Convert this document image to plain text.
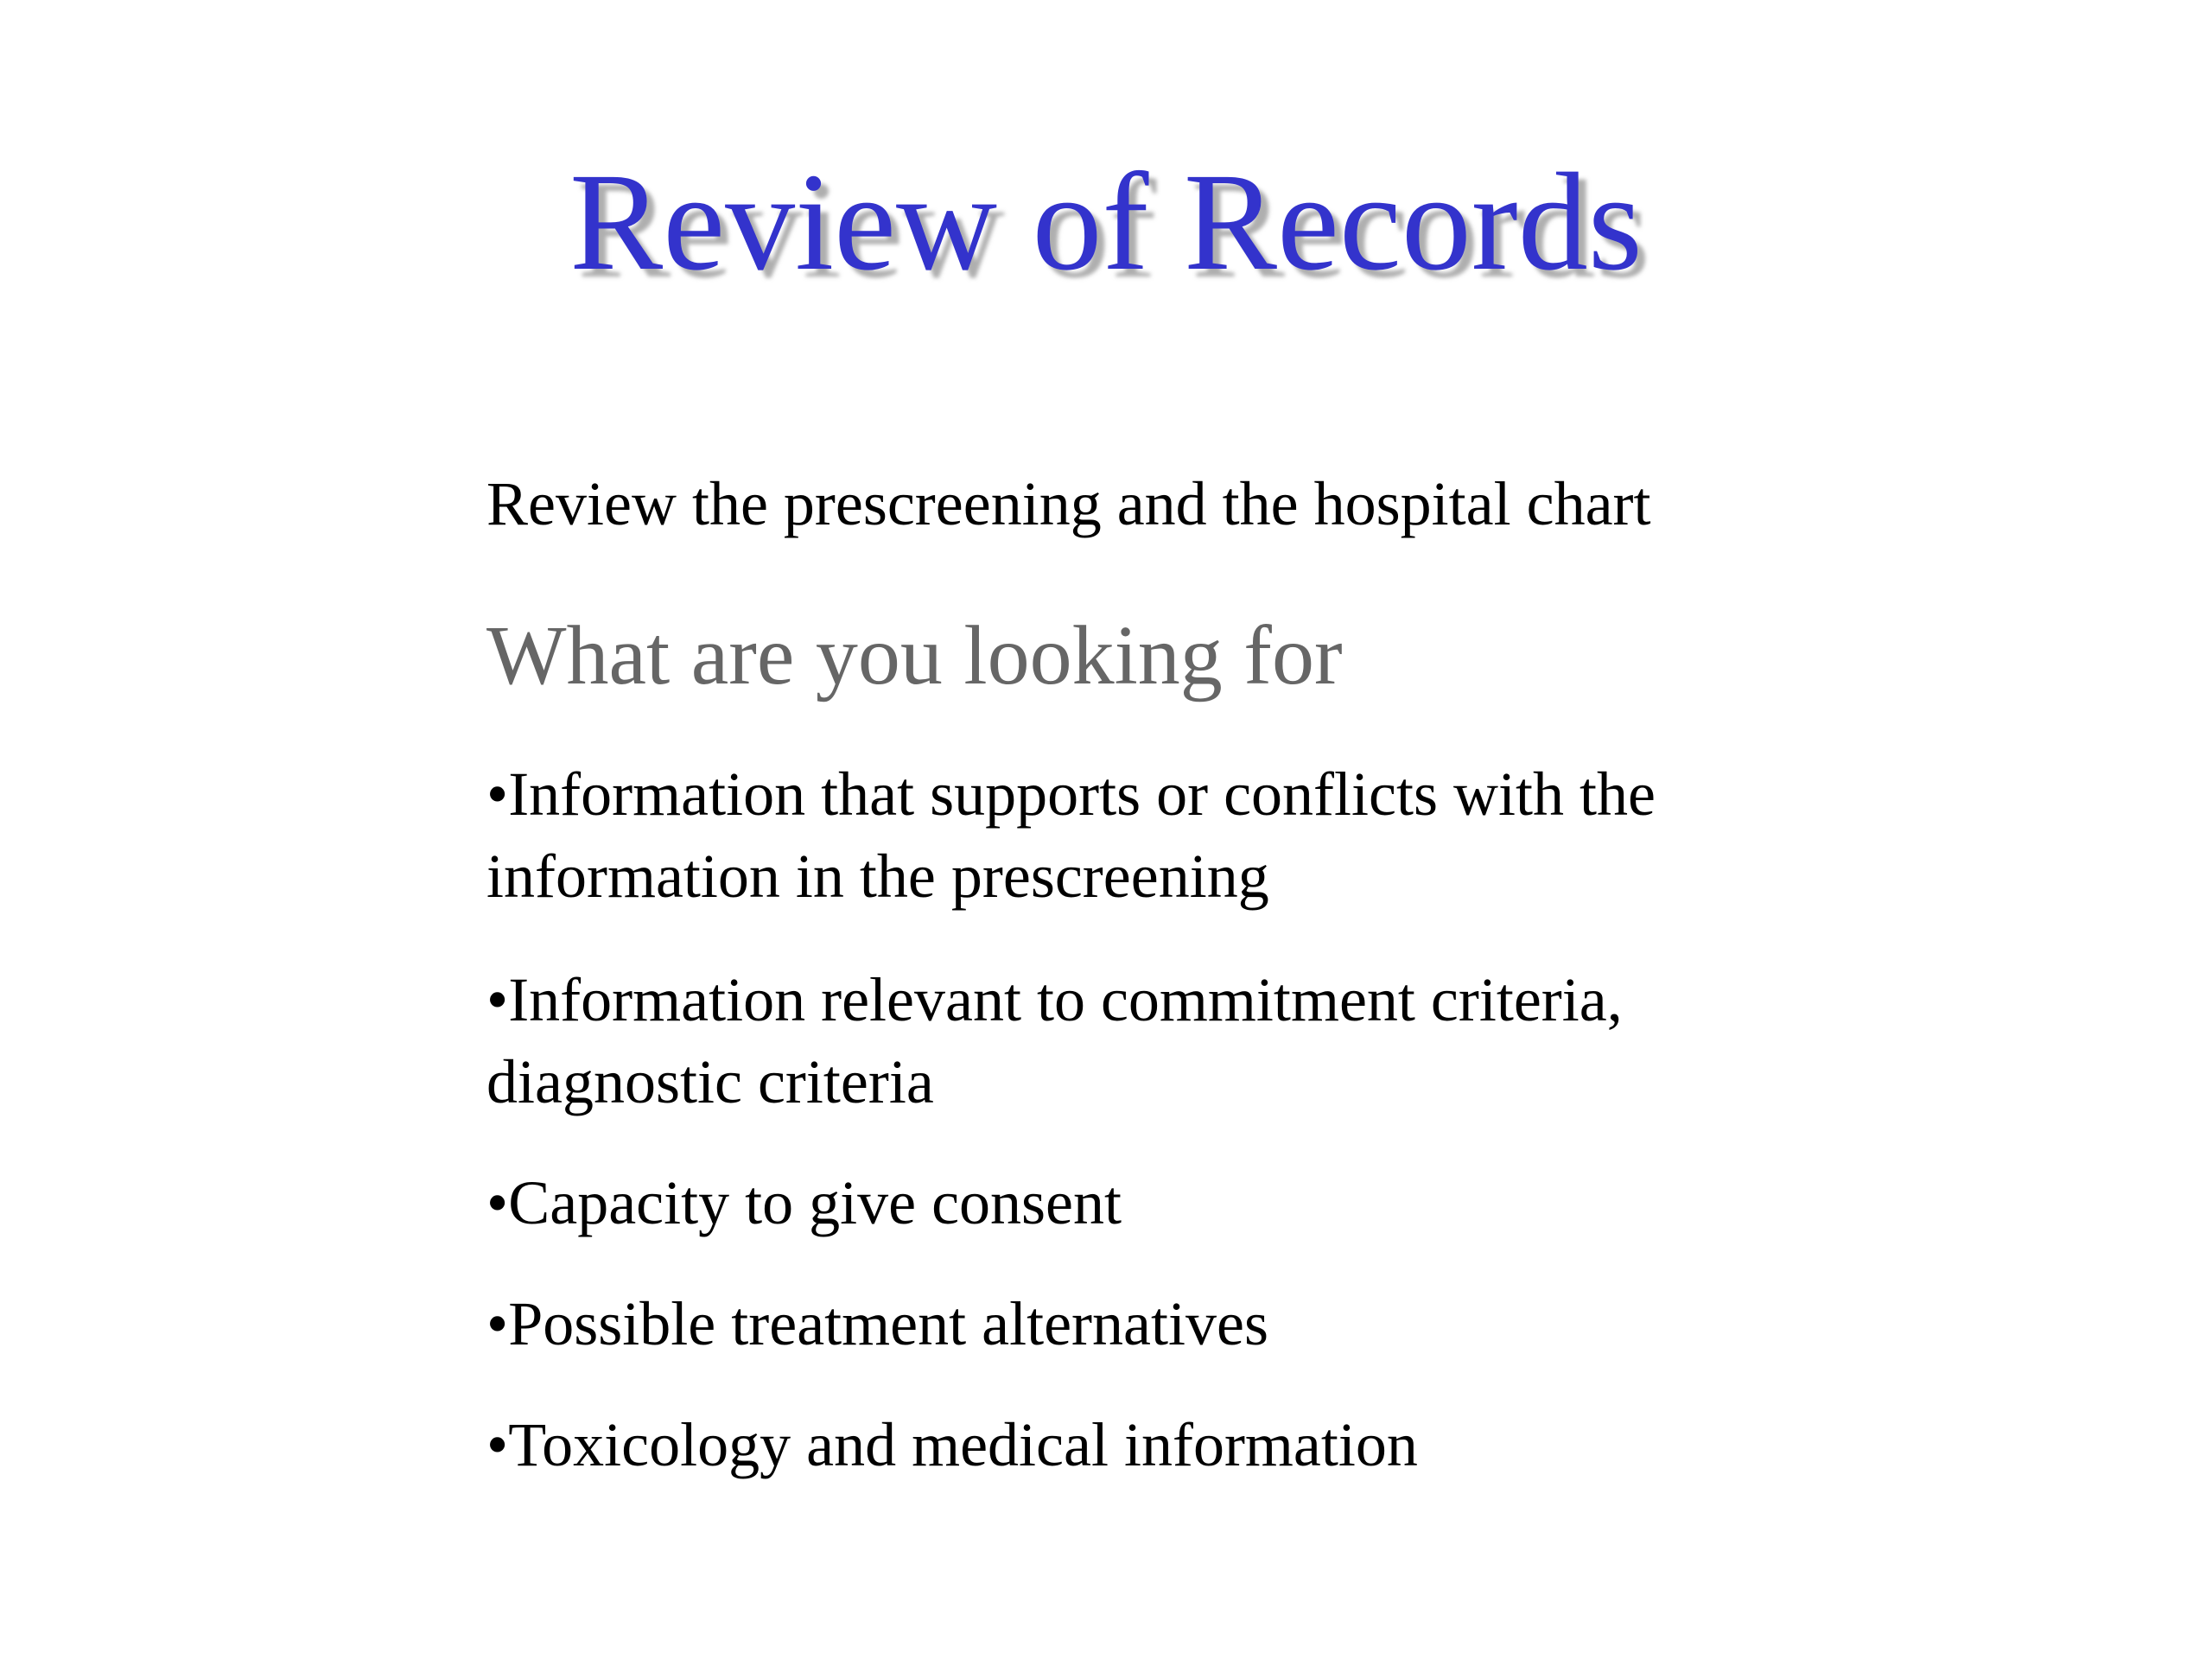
Review of Records
Review the prescreening and the hospital chart
What are you looking for
•Information that supports or conflicts with the information in the prescreening
•Information relevant to commitment criteria, diagnostic criteria
•Capacity to give consent
•Possible treatment alternatives
•Toxicology and medical information
